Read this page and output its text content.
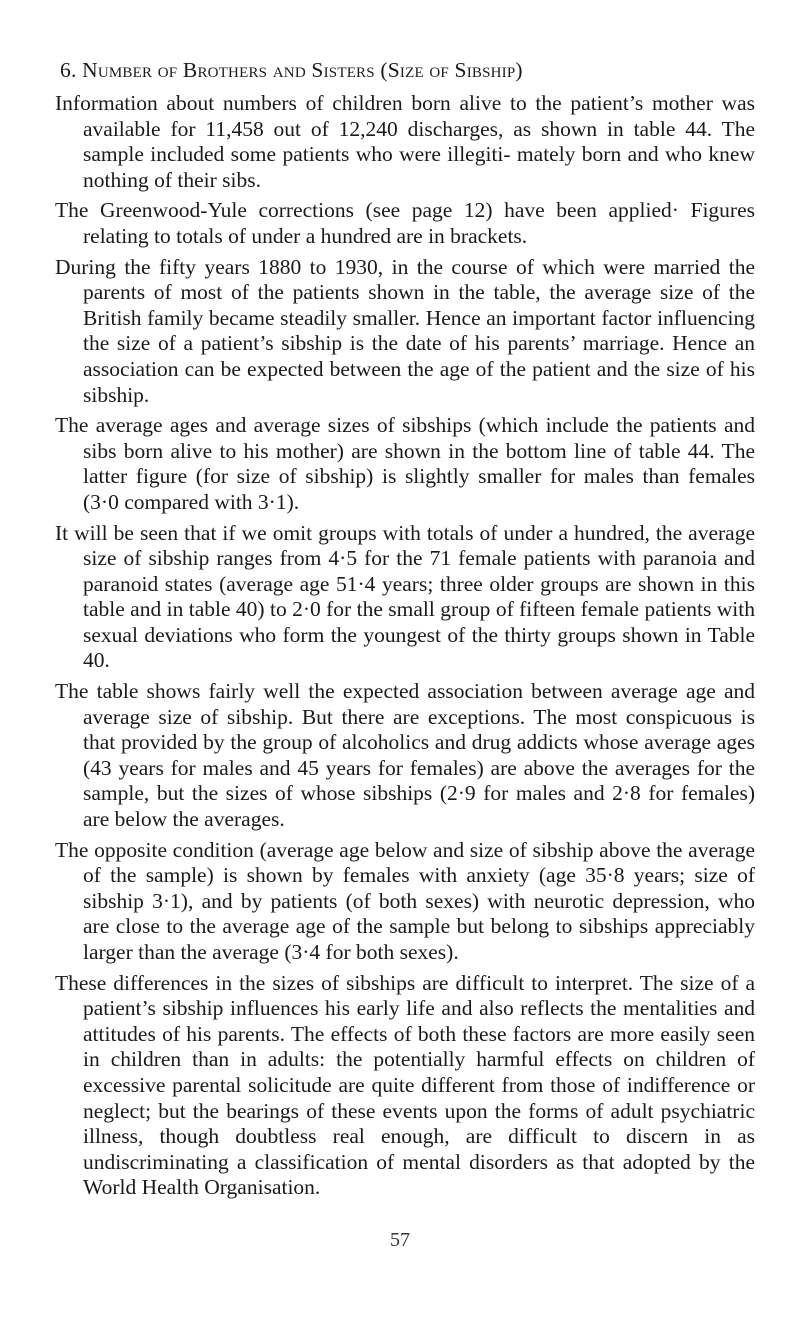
6. Number of Brothers and Sisters (Size of Sibship)

Information about numbers of children born alive to the patient’s mother was available for 11,458 out of 12,240 discharges, as shown in table 44. The sample included some patients who were illegiti- mately born and who knew nothing of their sibs.

The Greenwood-Yule corrections (see page 12) have been applied· Figures relating to totals of under a hundred are in brackets.

During the fifty years 1880 to 1930, in the course of which were married the parents of most of the patients shown in the table, the average size of the British family became steadily smaller. Hence an important factor influencing the size of a patient’s sibship is the date of his parents’ marriage. Hence an association can be expected between the age of the patient and the size of his sibship.

The average ages and average sizes of sibships (which include the patients and sibs born alive to his mother) are shown in the bottom line of table 44. The latter figure (for size of sibship) is slightly smaller for males than females (3·0 compared with 3·1).

It will be seen that if we omit groups with totals of under a hundred, the average size of sibship ranges from 4·5 for the 71 female patients with paranoia and paranoid states (average age 51·4 years; three older groups are shown in this table and in table 40) to 2·0 for the small group of fifteen female patients with sexual deviations who form the youngest of the thirty groups shown in Table 40.

The table shows fairly well the expected association between average age and average size of sibship. But there are exceptions. The most conspicuous is that provided by the group of alcoholics and drug addicts whose average ages (43 years for males and 45 years for females) are above the averages for the sample, but the sizes of whose sibships (2·9 for males and 2·8 for females) are below the averages.

The opposite condition (average age below and size of sibship above the average of the sample) is shown by females with anxiety (age 35·8 years; size of sibship 3·1), and by patients (of both sexes) with neurotic depression, who are close to the average age of the sample but belong to sibships appreciably larger than the average (3·4 for both sexes).

These differences in the sizes of sibships are difficult to interpret. The size of a patient’s sibship influences his early life and also reflects the mentalities and attitudes of his parents. The effects of both these factors are more easily seen in children than in adults: the potentially harmful effects on children of excessive parental solicitude are quite different from those of indifference or neglect; but the bearings of these events upon the forms of adult psychiatric illness, though doubtless real enough, are difficult to discern in as undiscriminating a classification of mental disorders as that adopted by the World Health Organisation.

57
